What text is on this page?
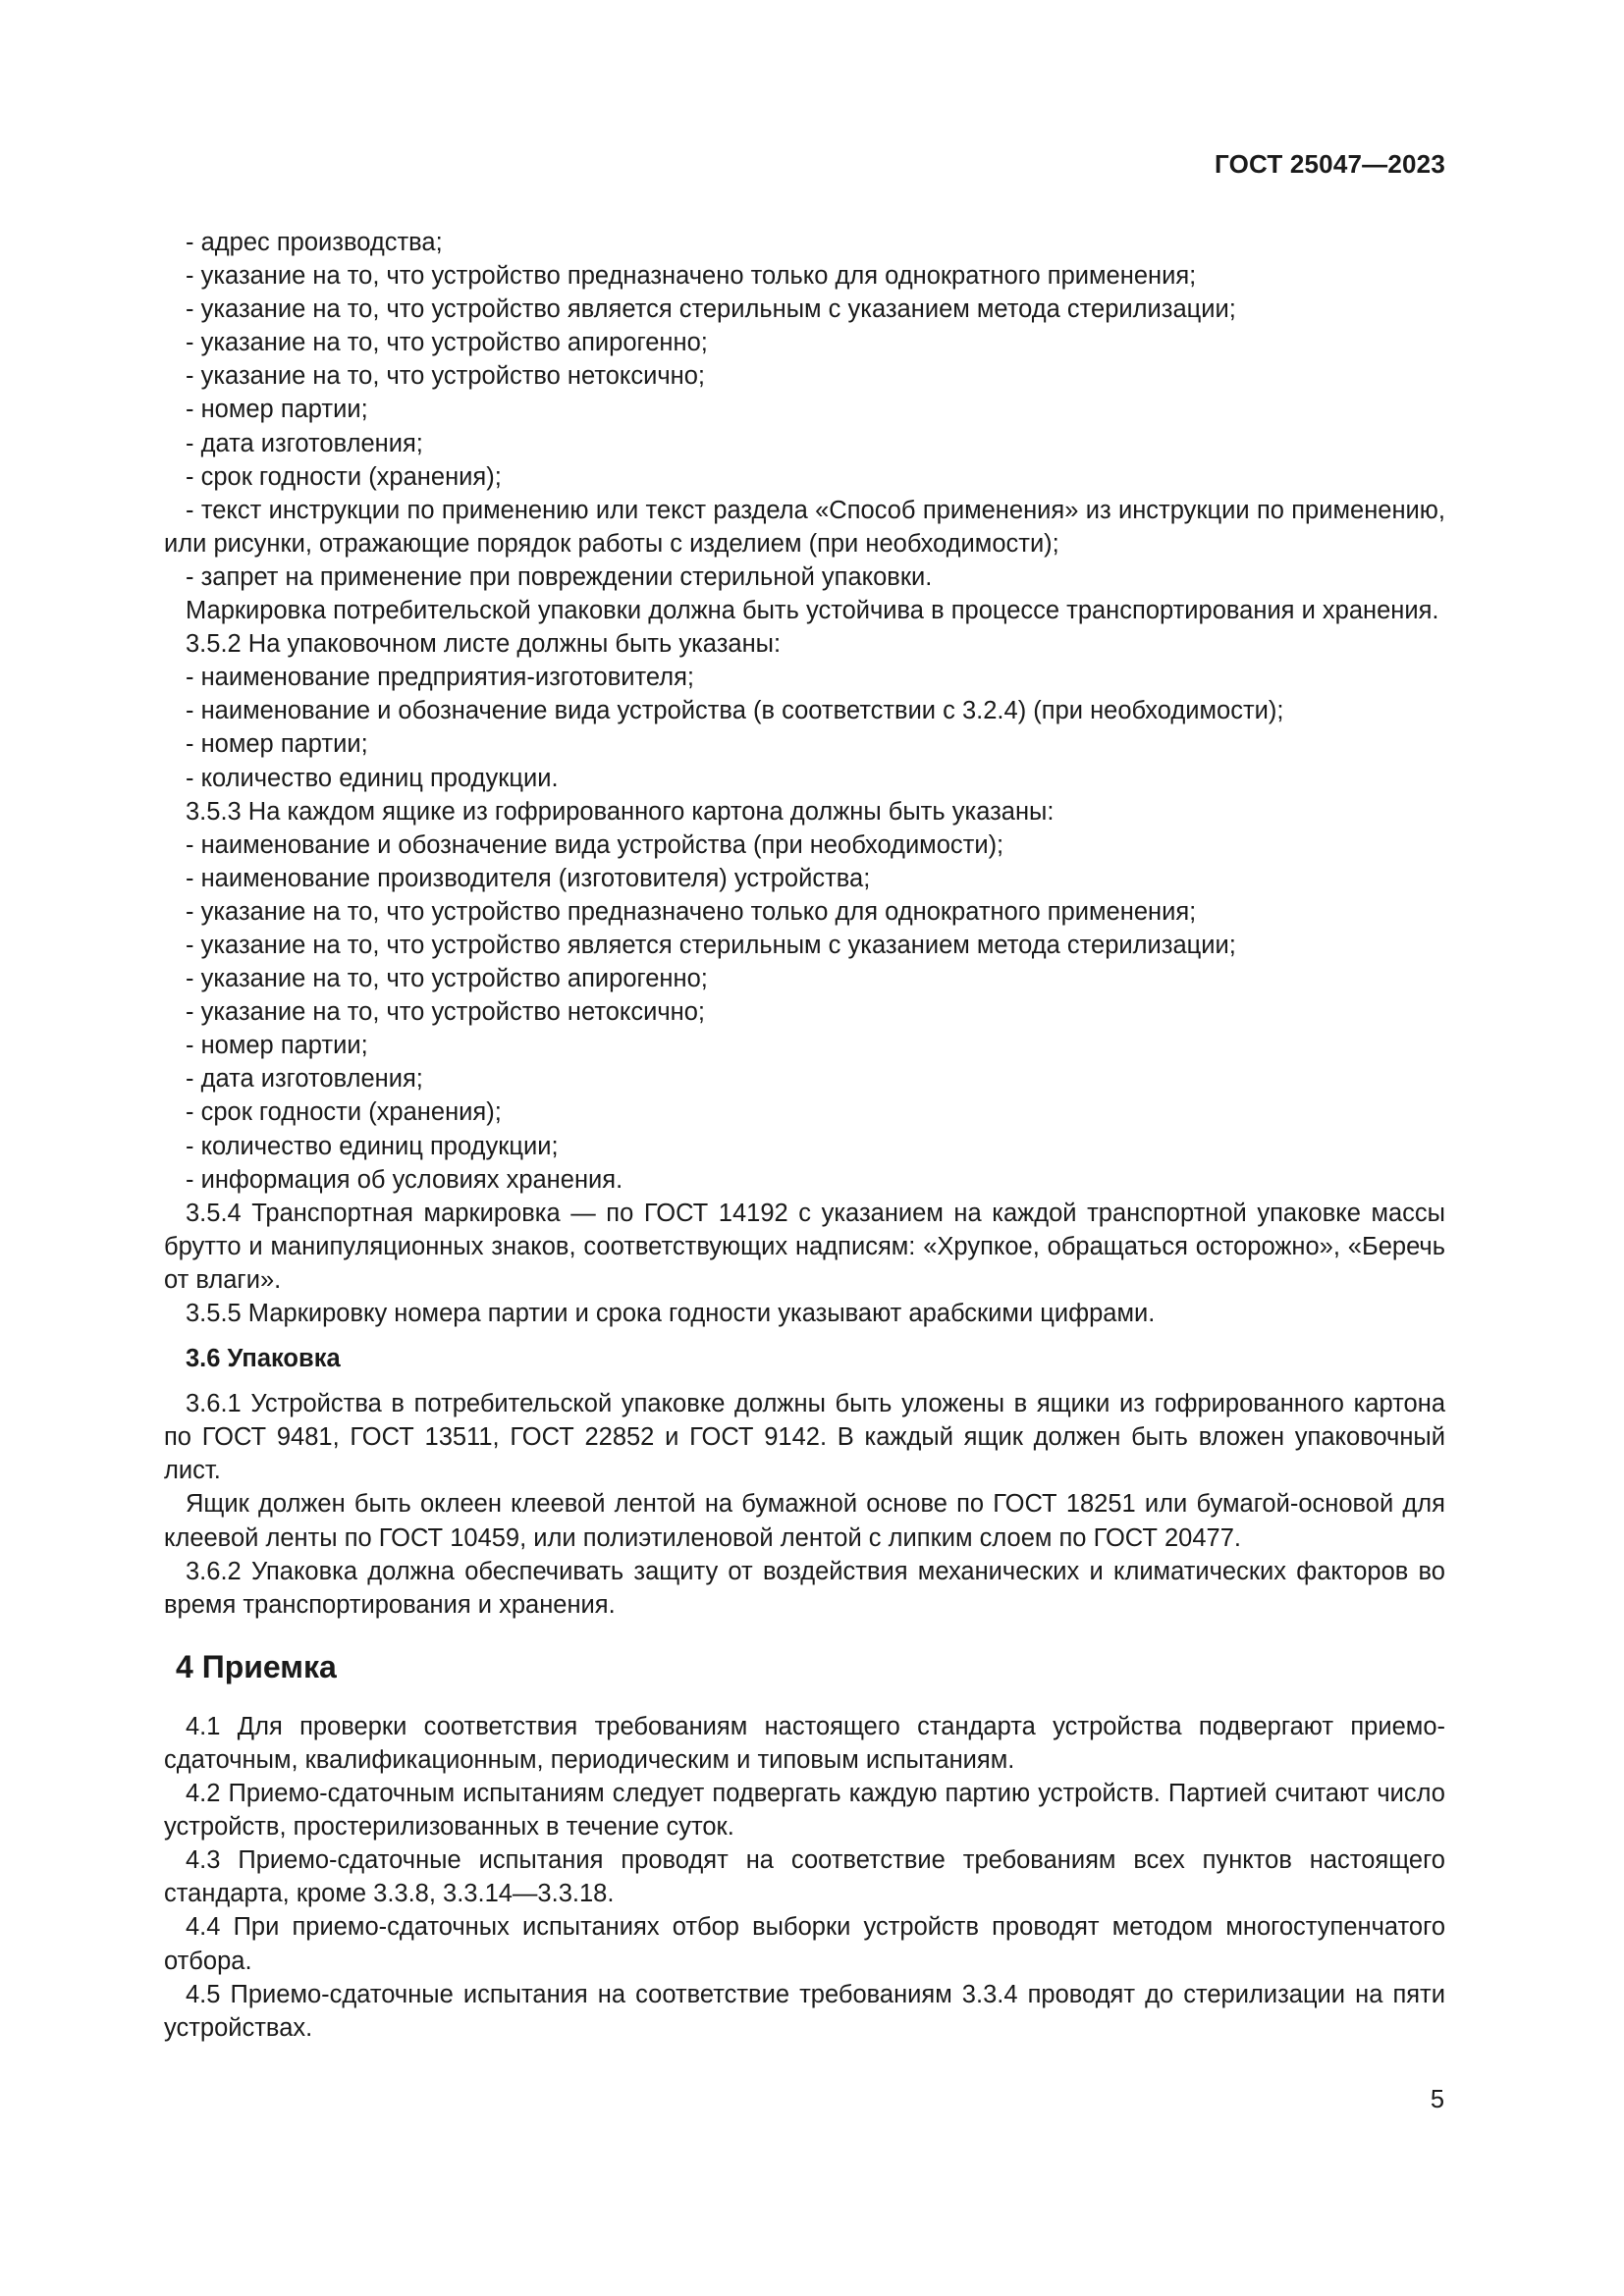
ГОСТ 25047—2023

- адрес производства;

- указание на то, что устройство предназначено только для однократного применения;

- указание на то, что устройство является стерильным с указанием метода стерилизации;

- указание на то, что устройство апирогенно;

- указание на то, что устройство нетоксично;

- номер партии;

- дата изготовления;

- срок годности (хранения);

- текст инструкции по применению или текст раздела «Способ применения» из инструкции по применению, или рисунки, отражающие порядок работы с изделием (при необходимости);

- запрет на применение при повреждении стерильной упаковки.

Маркировка потребительской упаковки должна быть устойчива в процессе транспортирования и хранения.

3.5.2 На упаковочном листе должны быть указаны:

- наименование предприятия-изготовителя;

- наименование и обозначение вида устройства (в соответствии с 3.2.4) (при необходимости);

- номер партии;

- количество единиц продукции.

3.5.3 На каждом ящике из гофрированного картона должны быть указаны:

- наименование и обозначение вида устройства (при необходимости);

- наименование производителя (изготовителя) устройства;

- указание на то, что устройство предназначено только для однократного применения;

- указание на то, что устройство является стерильным с указанием метода стерилизации;

- указание на то, что устройство апирогенно;

- указание на то, что устройство нетоксично;

- номер партии;

- дата изготовления;

- срок годности (хранения);

- количество единиц продукции;

- информация об условиях хранения.

3.5.4 Транспортная маркировка — по ГОСТ 14192 с указанием на каждой транспортной упаковке массы брутто и манипуляционных знаков, соответствующих надписям: «Хрупкое, обращаться осторожно», «Беречь от влаги».

3.5.5 Маркировку номера партии и срока годности указывают арабскими цифрами.

3.6 Упаковка

3.6.1 Устройства в потребительской упаковке должны быть уложены в ящики из гофрированного картона по ГОСТ 9481, ГОСТ 13511, ГОСТ 22852 и ГОСТ 9142. В каждый ящик должен быть вложен упаковочный лист.

Ящик должен быть оклеен клеевой лентой на бумажной основе по ГОСТ 18251 или бумагой-основой для клеевой ленты по ГОСТ 10459, или полиэтиленовой лентой с липким слоем по ГОСТ 20477.

3.6.2 Упаковка должна обеспечивать защиту от воздействия механических и климатических факторов во время транспортирования и хранения.

4 Приемка

4.1 Для проверки соответствия требованиям настоящего стандарта устройства подвергают приемо-сдаточным, квалификационным, периодическим и типовым испытаниям.

4.2 Приемо-сдаточным испытаниям следует подвергать каждую партию устройств. Партией считают число устройств, простерилизованных в течение суток.

4.3 Приемо-сдаточные испытания проводят на соответствие требованиям всех пунктов настоящего стандарта, кроме 3.3.8, 3.3.14—3.3.18.

4.4 При приемо-сдаточных испытаниях отбор выборки устройств проводят методом многоступенчатого отбора.

4.5 Приемо-сдаточные испытания на соответствие требованиям 3.3.4 проводят до стерилизации на пяти устройствах.

5
